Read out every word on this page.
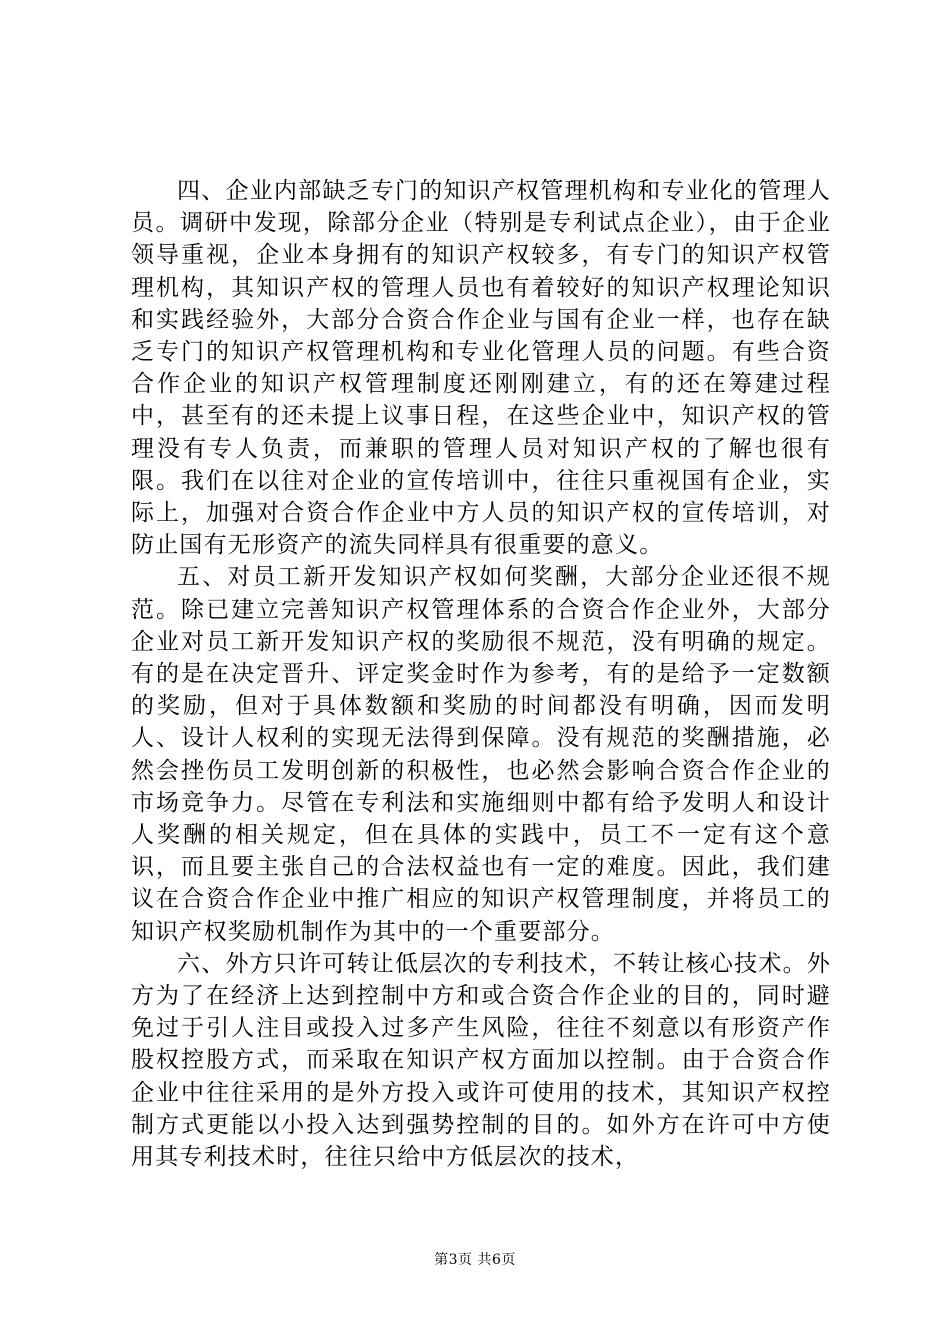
四、企业内部缺乏专门的知识产权管理机构和专业化的管理人员。调研中发现，除部分企业（特别是专利试点企业），由于企业领导重视，企业本身拥有的知识产权较多，有专门的知识产权管理机构，其知识产权的管理人员也有着较好的知识产权理论知识和实践经验外，大部分合资合作企业与国有企业一样，也存在缺乏专门的知识产权管理机构和专业化管理人员的问题。有些合资合作企业的知识产权管理制度还刚刚建立，有的还在筹建过程中，甚至有的还未提上议事日程，在这些企业中，知识产权的管理没有专人负责，而兼职的管理人员对知识产权的了解也很有限。我们在以往对企业的宣传培训中，往往只重视国有企业，实际上，加强对合资合作企业中方人员的知识产权的宣传培训，对防止国有无形资产的流失同样具有很重要的意义。

五、对员工新开发知识产权如何奖酬，大部分企业还很不规范。除已建立完善知识产权管理体系的合资合作企业外，大部分企业对员工新开发知识产权的奖励很不规范，没有明确的规定。有的是在决定晋升、评定奖金时作为参考，有的是给予一定数额的奖励，但对于具体数额和奖励的时间都没有明确，因而发明人、设计人权利的实现无法得到保障。没有规范的奖酬措施，必然会挫伤员工发明创新的积极性，也必然会影响合资合作企业的市场竞争力。尽管在专利法和实施细则中都有给予发明人和设计人奖酬的相关规定，但在具体的实践中，员工不一定有这个意识，而且要主张自己的合法权益也有一定的难度。因此，我们建议在合资合作企业中推广相应的知识产权管理制度，并将员工的知识产权奖励机制作为其中的一个重要部分。

六、外方只许可转让低层次的专利技术，不转让核心技术。外方为了在经济上达到控制中方和或合资合作企业的目的，同时避免过于引人注目或投入过多产生风险，往往不刻意以有形资产作股权控股方式，而采取在知识产权方面加以控制。由于合资合作企业中往往采用的是外方投入或许可使用的技术，其知识产权控制方式更能以小投入达到强势控制的目的。如外方在许可中方使用其专利技术时，往往只给中方低层次的技术，

第3页 共6页
